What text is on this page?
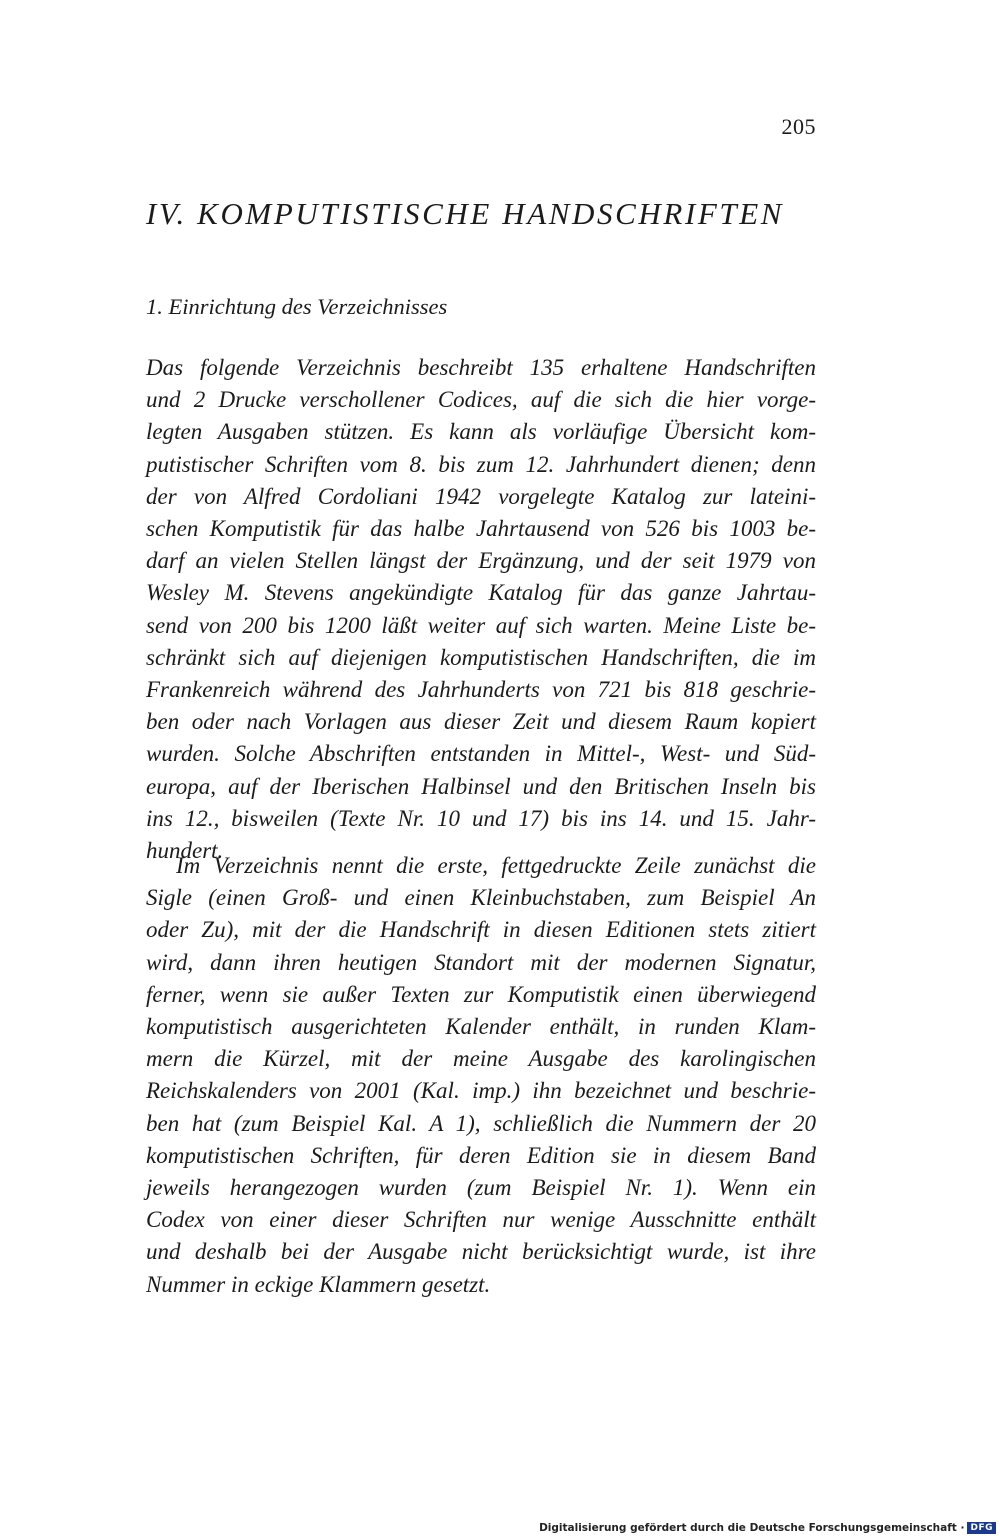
205
IV. KOMPUTISTISCHE HANDSCHRIFTEN
1. Einrichtung des Verzeichnisses
Das folgende Verzeichnis beschreibt 135 erhaltene Handschriften
und 2 Drucke verschollener Codices, auf die sich die hier vorge-
legten Ausgaben stützen. Es kann als vorläufige Übersicht kom-
putistischer Schriften vom 8. bis zum 12. Jahrhundert dienen; denn
der von Alfred Cordoliani 1942 vorgelegte Katalog zur lateini-
schen Komputistik für das halbe Jahrtausend von 526 bis 1003 be-
darf an vielen Stellen längst der Ergänzung, und der seit 1979 von
Wesley M. Stevens angekündigte Katalog für das ganze Jahrtau-
send von 200 bis 1200 läßt weiter auf sich warten. Meine Liste be-
schränkt sich auf diejenigen komputistischen Handschriften, die im
Frankenreich während des Jahrhunderts von 721 bis 818 geschrie-
ben oder nach Vorlagen aus dieser Zeit und diesem Raum kopiert
wurden. Solche Abschriften entstanden in Mittel-, West- und Süd-
europa, auf der Iberischen Halbinsel und den Britischen Inseln bis
ins 12., bisweilen (Texte Nr. 10 und 17) bis ins 14. und 15. Jahr-
hundert.
Im Verzeichnis nennt die erste, fettgedruckte Zeile zunächst die
Sigle (einen Groß- und einen Kleinbuchstaben, zum Beispiel An
oder Zu), mit der die Handschrift in diesen Editionen stets zitiert
wird, dann ihren heutigen Standort mit der modernen Signatur,
ferner, wenn sie außer Texten zur Komputistik einen überwiegend
komputistisch ausgerichteten Kalender enthält, in runden Klam-
mern die Kürzel, mit der meine Ausgabe des karolingischen
Reichskalenders von 2001 (Kal. imp.) ihn bezeichnet und beschrie-
ben hat (zum Beispiel Kal. A 1), schließlich die Nummern der 20
komputistischen Schriften, für deren Edition sie in diesem Band
jeweils herangezogen wurden (zum Beispiel Nr. 1). Wenn ein
Codex von einer dieser Schriften nur wenige Ausschnitte enthält
und deshalb bei der Ausgabe nicht berücksichtigt wurde, ist ihre
Nummer in eckige Klammern gesetzt.
Digitalisierung gefördert durch die Deutsche Forschungsgemeinschaft · DFG
